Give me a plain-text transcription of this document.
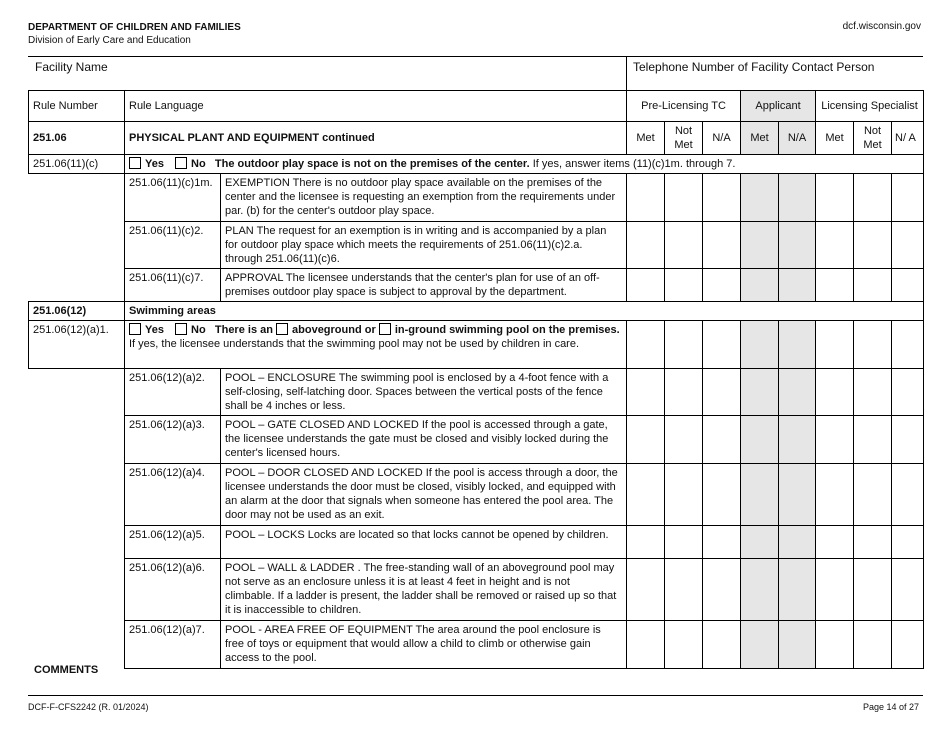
DEPARTMENT OF CHILDREN AND FAMILIES
Division of Early Care and Education
dcf.wisconsin.gov
Facility Name	Telephone Number of Facility Contact Person
Rule Number	Rule Language		Pre-Licensing TC			Applicant		Licensing Specialist		
251.06	PHYSICAL PLANT AND EQUIPMENT continued		Met	Not Met	N/A	Met	N/A	Met	Not Met	N/ A
251.06(11)(c)	Yes No The outdoor play space is not on the premises of the center. If yes, answer items (11)(c)1m. through 7.									
	251.06(11)(c)1m.	EXEMPTION There is no outdoor play space available on the premises of the center and the licensee is requesting an exemption from the requirements under par. (b) for the center's outdoor play space.								
	251.06(11)(c)2.	PLAN The request for an exemption is in writing and is accompanied by a plan for outdoor play space which meets the requirements of 251.06(11)(c)2.a. through 251.06(11)(c)6.								
	251.06(11)(c)7.	APPROVAL The licensee understands that the center's plan for use of an off-premises outdoor play space is subject to approval by the department.								
251.06(12)	Swimming areas									
251.06(12)(a)1.	Yes No There is an aboveground or in-ground swimming pool on the premises. If yes, the licensee understands that the swimming pool may not be used by children in care.									
	251.06(12)(a)2.	POOL – ENCLOSURE The swimming pool is enclosed by a 4-foot fence with a self-closing, self-latching door. Spaces between the vertical posts of the fence shall be 4 inches or less.								
	251.06(12)(a)3.	POOL – GATE CLOSED AND LOCKED If the pool is accessed through a gate, the licensee understands the gate must be closed and visibly locked during the center's licensed hours.								
	251.06(12)(a)4.	POOL – DOOR CLOSED AND LOCKED If the pool is access through a door, the licensee understands the door must be closed, visibly locked, and equipped with an alarm at the door that signals when someone has entered the pool area. The door may not be used as an exit.								
	251.06(12)(a)5.	POOL – LOCKS Locks are located so that locks cannot be opened by children.								
	251.06(12)(a)6.	POOL – WALL & LADDER . The free-standing wall of an aboveground pool may not serve as an enclosure unless it is at least 4 feet in height and is not climbable. If a ladder is present, the ladder shall be removed or raised up so that it is inaccessible to children.								
	251.06(12)(a)7.	POOL - AREA FREE OF EQUIPMENT The area around the pool enclosure is free of toys or equipment that would allow a child to climb or otherwise gain access to the pool.								
COMMENTS
DCF-F-CFS2242 (R. 01/2024)	Page 14 of 27
